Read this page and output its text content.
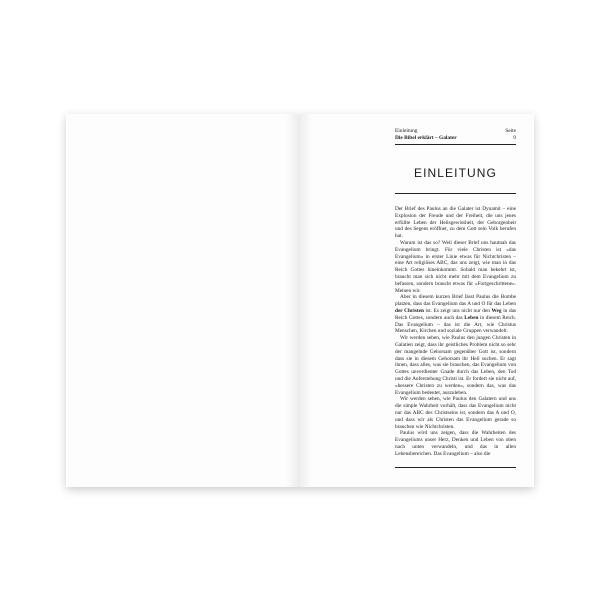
Einleitung	Seite
Die Bibel erklärt – Galater	9
EINLEITUNG

Der Brief des Paulus an die Galater ist Dynamit – eine Explosion der Freude und der Freiheit, die uns jenes erfüllte Leben der Heilsgewissheit, der Geborgenheit und des Segens eröffnet, zu dem Gott sein Volk berufen hat.

Warum ist das so? Weil dieser Brief uns hautnah das Evangelium bringt. Für viele Christen ist »das Evangelium« in erster Linie etwas für Nichtchristen – eine Art religiöses ABC, das uns zeigt, wie man in das Reich Gottes hineinkommt. Sobald man bekehrt ist, braucht man sich nicht mehr mit dem Evangelium zu befassen, sondern braucht etwas für »Fortgeschrittene«. Meinen wir.

Aber in diesem kurzen Brief lässt Paulus die Bombe platzen, dass das Evangelium das A und O für das Leben der Christen ist. Es zeigt uns nicht nur den Weg in das Reich Gottes, sondern auch das Leben in diesem Reich. Das Evangelium – das ist die Art, wie Christus Menschen, Kirchen und soziale Gruppen verwandelt.

Wir werden sehen, wie Paulus den jungen Christen in Galatien zeigt, dass ihr geistliches Problem nicht so sehr der mangelnde Gehorsam gegenüber Gott ist, sondern dass sie in diesem Gehorsam ihr Heil suchen. Er sagt ihnen, dass alles, was sie brauchen, das Evangelium von Gottes unverdienter Gnade durch das Leben, den Tod und die Auferstehung Christi ist. Er fordert sie nicht auf, »bessere Christen zu werden«, sondern das, was das Evangelium bedeutet, auszuleben.

Wir werden sehen, wie Paulus den Galatern und uns die simple Wahrheit vorhält, dass das Evangelium nicht nur das ABC des Christseins ist, sondern das A und O, und dass wir als Christen das Evangelium gerade so brauchen wie Nichtchristen.

Paulus wird uns zeigen, dass die Wahrheiten des Evangeliums unser Herz, Denken und Leben von oben nach unten verwandeln, und das in allen Lebensbereichen. Das Evangelium – also die
